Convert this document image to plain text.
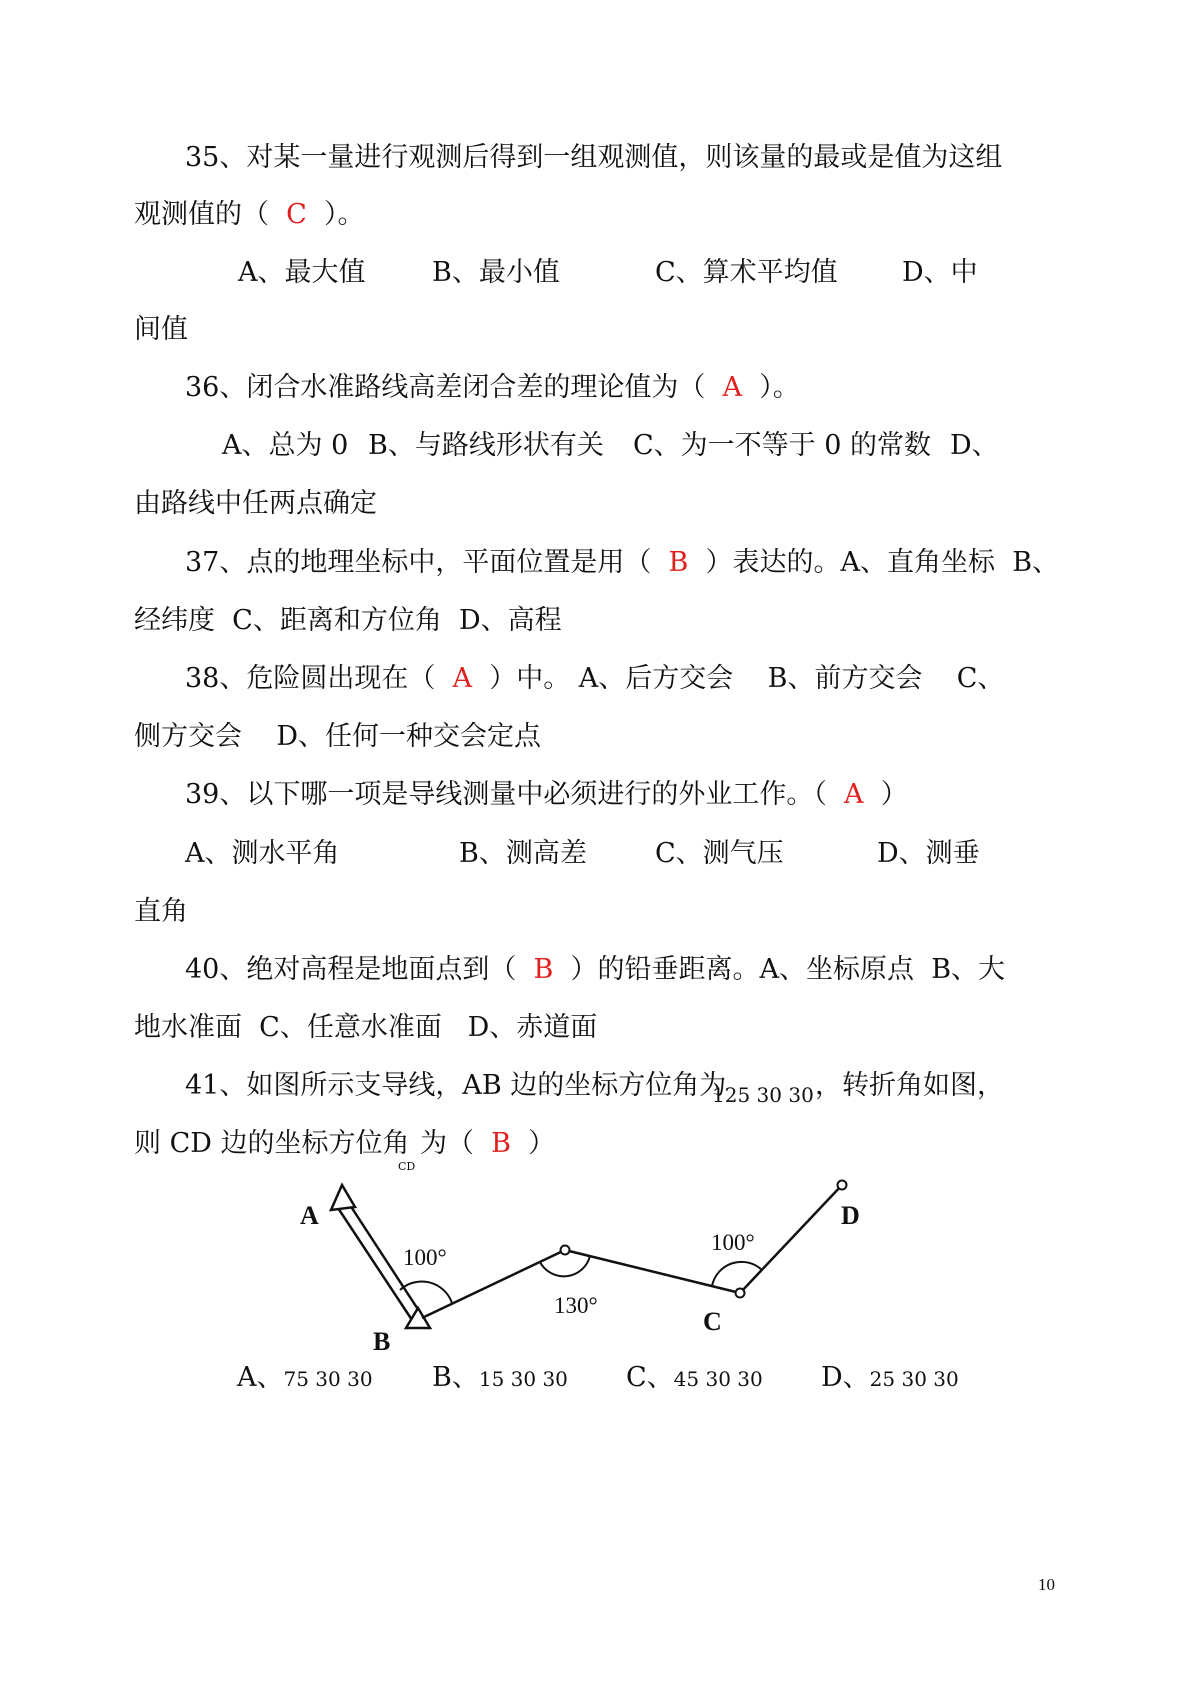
35、对某一量进行观测后得到一组观测值，则该量的最或是值为这组
观测值的（  C  ）。
A、最大值 B、最小值	C、算术平均值 D、中
间值
36、闭合水准路线高差闭合差的理论值为（  A  ）。
A、总为 0 B、与路线形状有关 C、为一不等于 0 的常数 D、
由路线中任两点确定
37、点的地理坐标中，平面位置是用（  B  ）表达的。A、直角坐标  B、
经纬度  C、距离和方位角  D、高程
38、危险圆出现在（  A  ）中。 A、后方交会    B、前方交会    C、
侧方交会    D、任何一种交会定点
39、以下哪一项是导线测量中必须进行的外业工作。（  A  ）
A、测水平角	B、测高差	C、测气压	D、测垂
直角
40、绝对高程是地面点到（  B  ）的铅垂距离。A、坐标原点  B、大
地水准面  C、任意水准面   D、赤道面
41、如图所示支导线，AB 边的坐标方位角为
125 30 30 ，转折角如图，
则 CD 边的坐标方位角
CD
为（  B  ）
A
B
C
D
100°
130°
100°
A、75 30 30 B、15 30 30 C、45 30 30 D、25 30 30
10
